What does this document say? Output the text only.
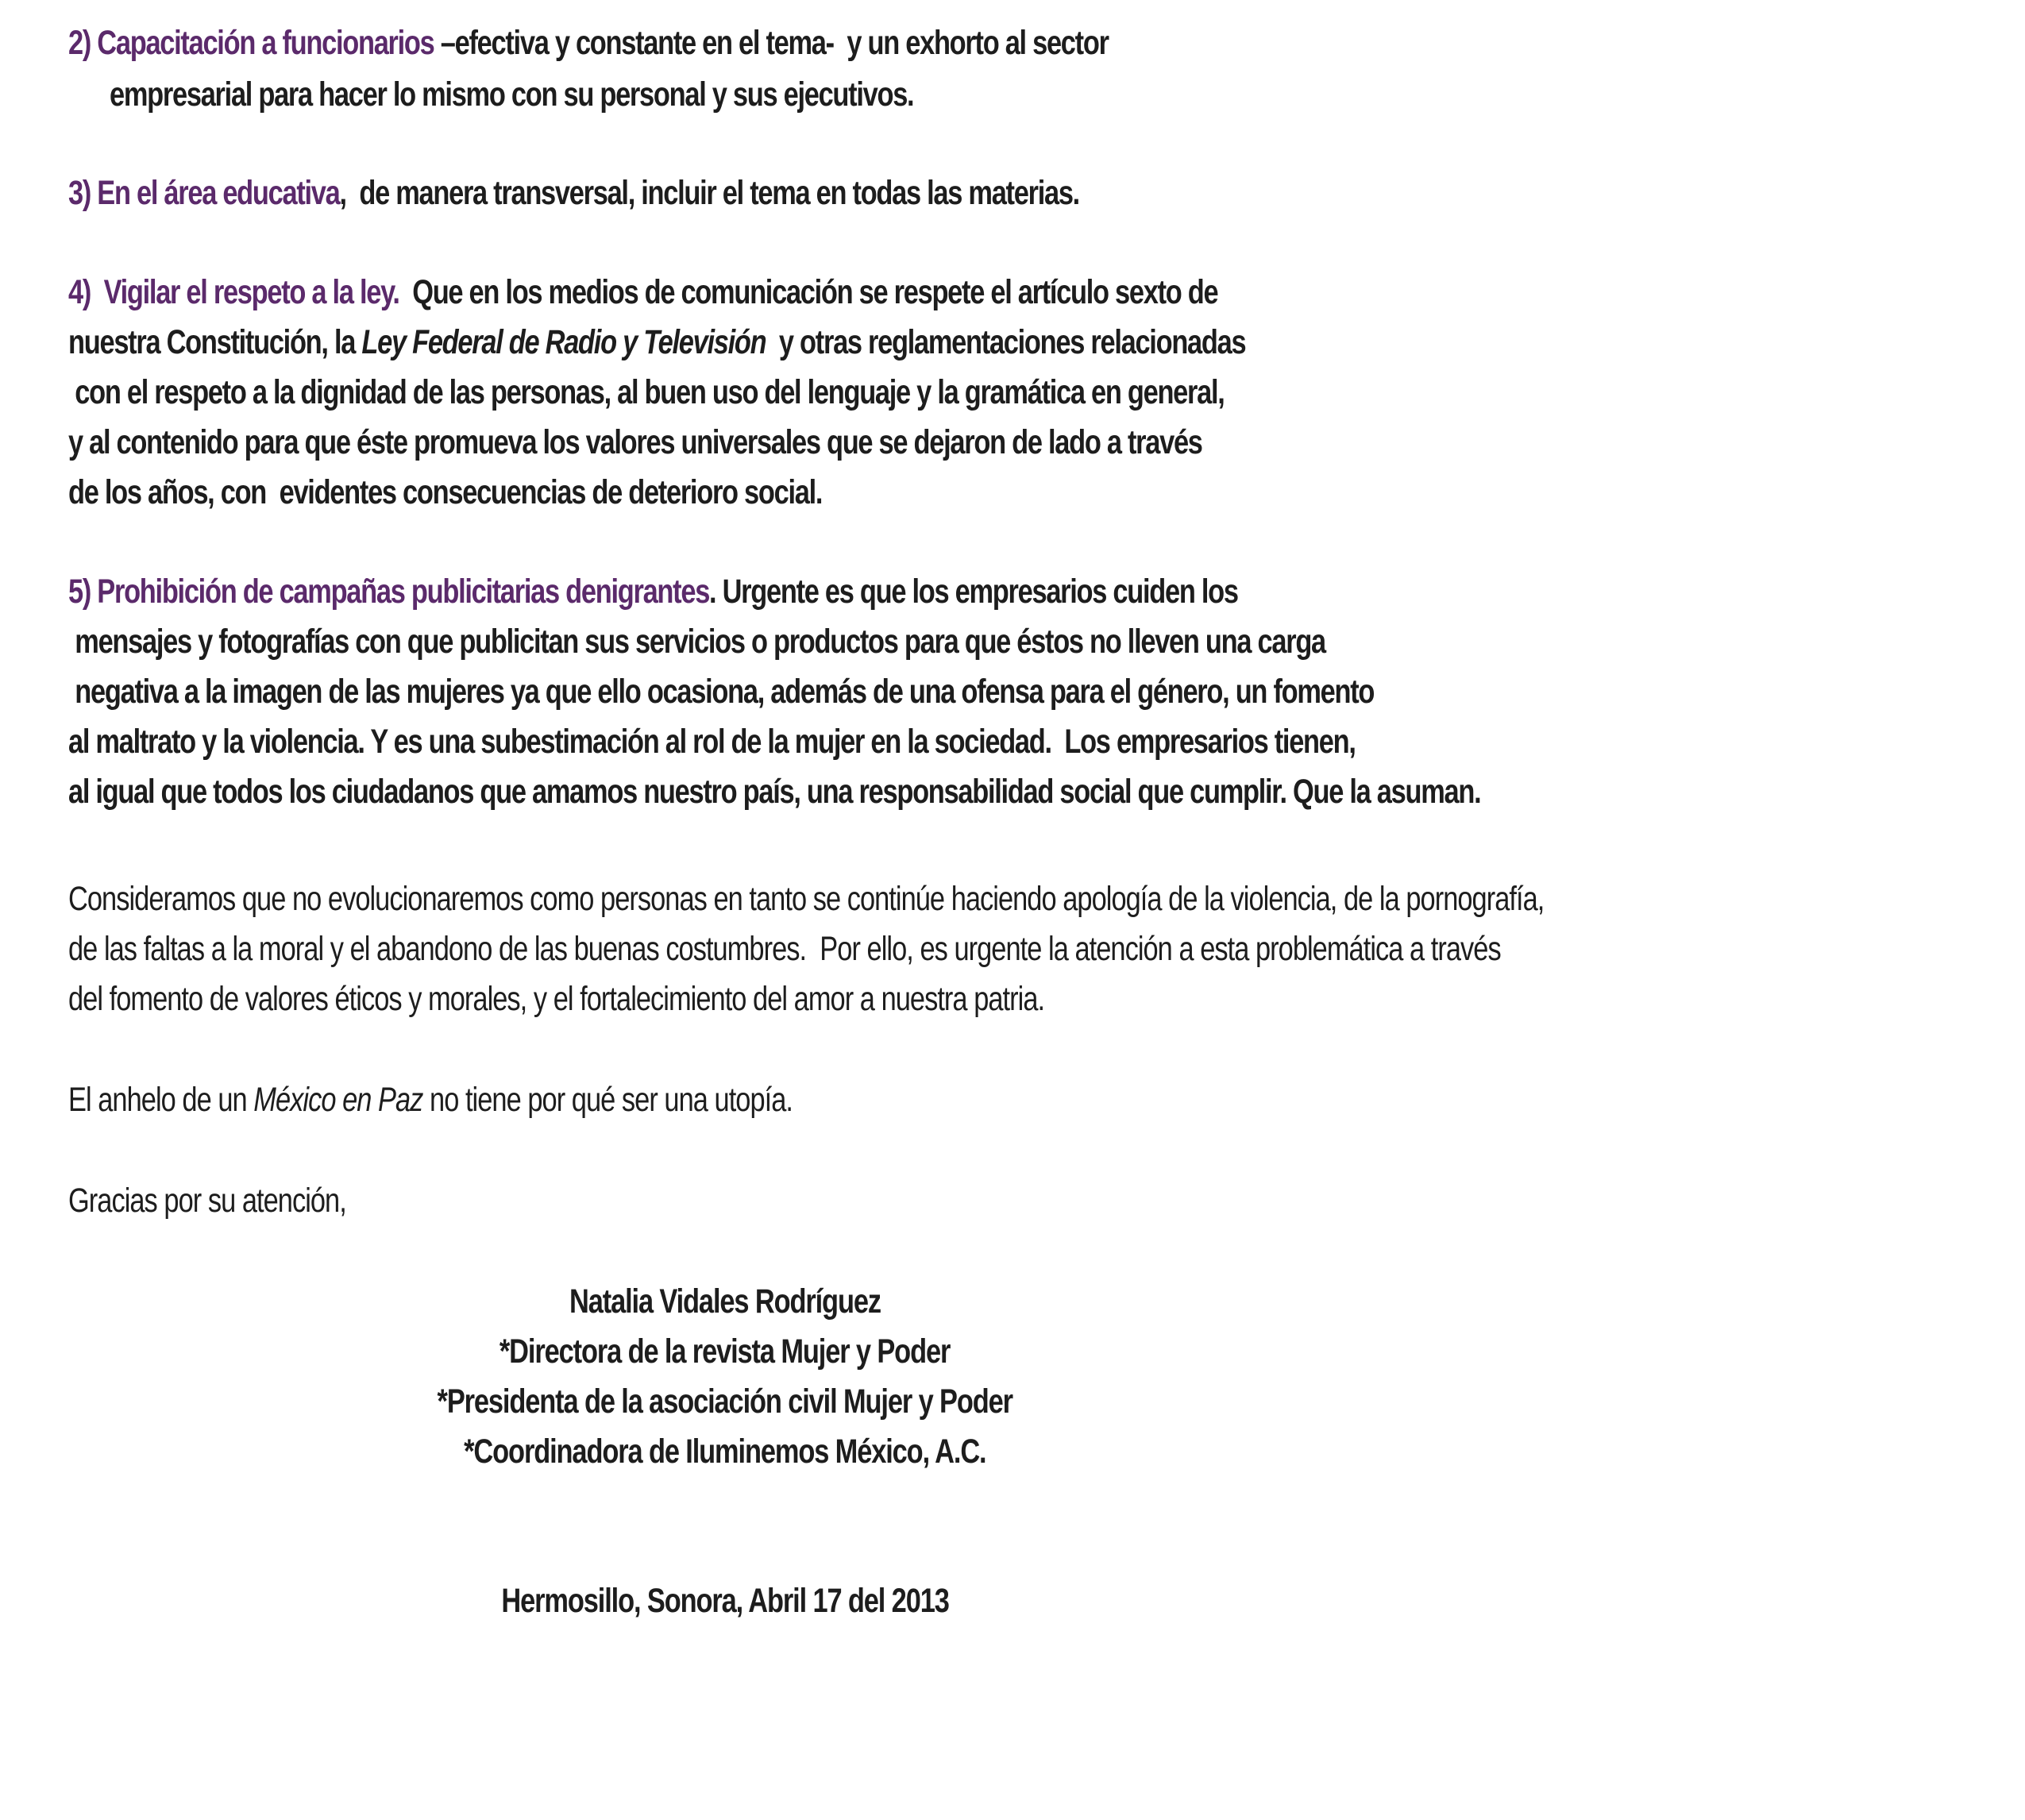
2) Capacitación a funcionarios –efectiva y constante en el tema-  y un exhorto al sector
empresarial para hacer lo mismo con su personal y sus ejecutivos.
3) En el área educativa,  de manera transversal, incluir el tema en todas las materias.
4)  Vigilar el respeto a la ley.  Que en los medios de comunicación se respete el artículo sexto de
nuestra Constitución, la Ley Federal de Radio y Televisión  y otras reglamentaciones relacionadas
con el respeto a la dignidad de las personas, al buen uso del lenguaje y la gramática en general,
y al contenido para que éste promueva los valores universales que se dejaron de lado a través
de los años, con  evidentes consecuencias de deterioro social.
5) Prohibición de campañas publicitarias denigrantes. Urgente es que los empresarios cuiden los
mensajes y fotografías con que publicitan sus servicios o productos para que éstos no lleven una carga
negativa a la imagen de las mujeres ya que ello ocasiona, además de una ofensa para el género, un fomento
al maltrato y la violencia. Y es una subestimación al rol de la mujer en la sociedad.  Los empresarios tienen,
al igual que todos los ciudadanos que amamos nuestro país, una responsabilidad social que cumplir. Que la asuman.
Consideramos que no evolucionaremos como personas en tanto se continúe haciendo apología de la violencia, de la pornografía,
de las faltas a la moral y el abandono de las buenas costumbres.  Por ello, es urgente la atención a esta problemática a través
del fomento de valores éticos y morales, y el fortalecimiento del amor a nuestra patria.
El anhelo de un México en Paz no tiene por qué ser una utopía.
Gracias por su atención,
Natalia Vidales Rodríguez
*Directora de la revista Mujer y Poder
*Presidenta de la asociación civil Mujer y Poder
*Coordinadora de Iluminemos México, A.C.
Hermosillo, Sonora, Abril 17 del 2013
